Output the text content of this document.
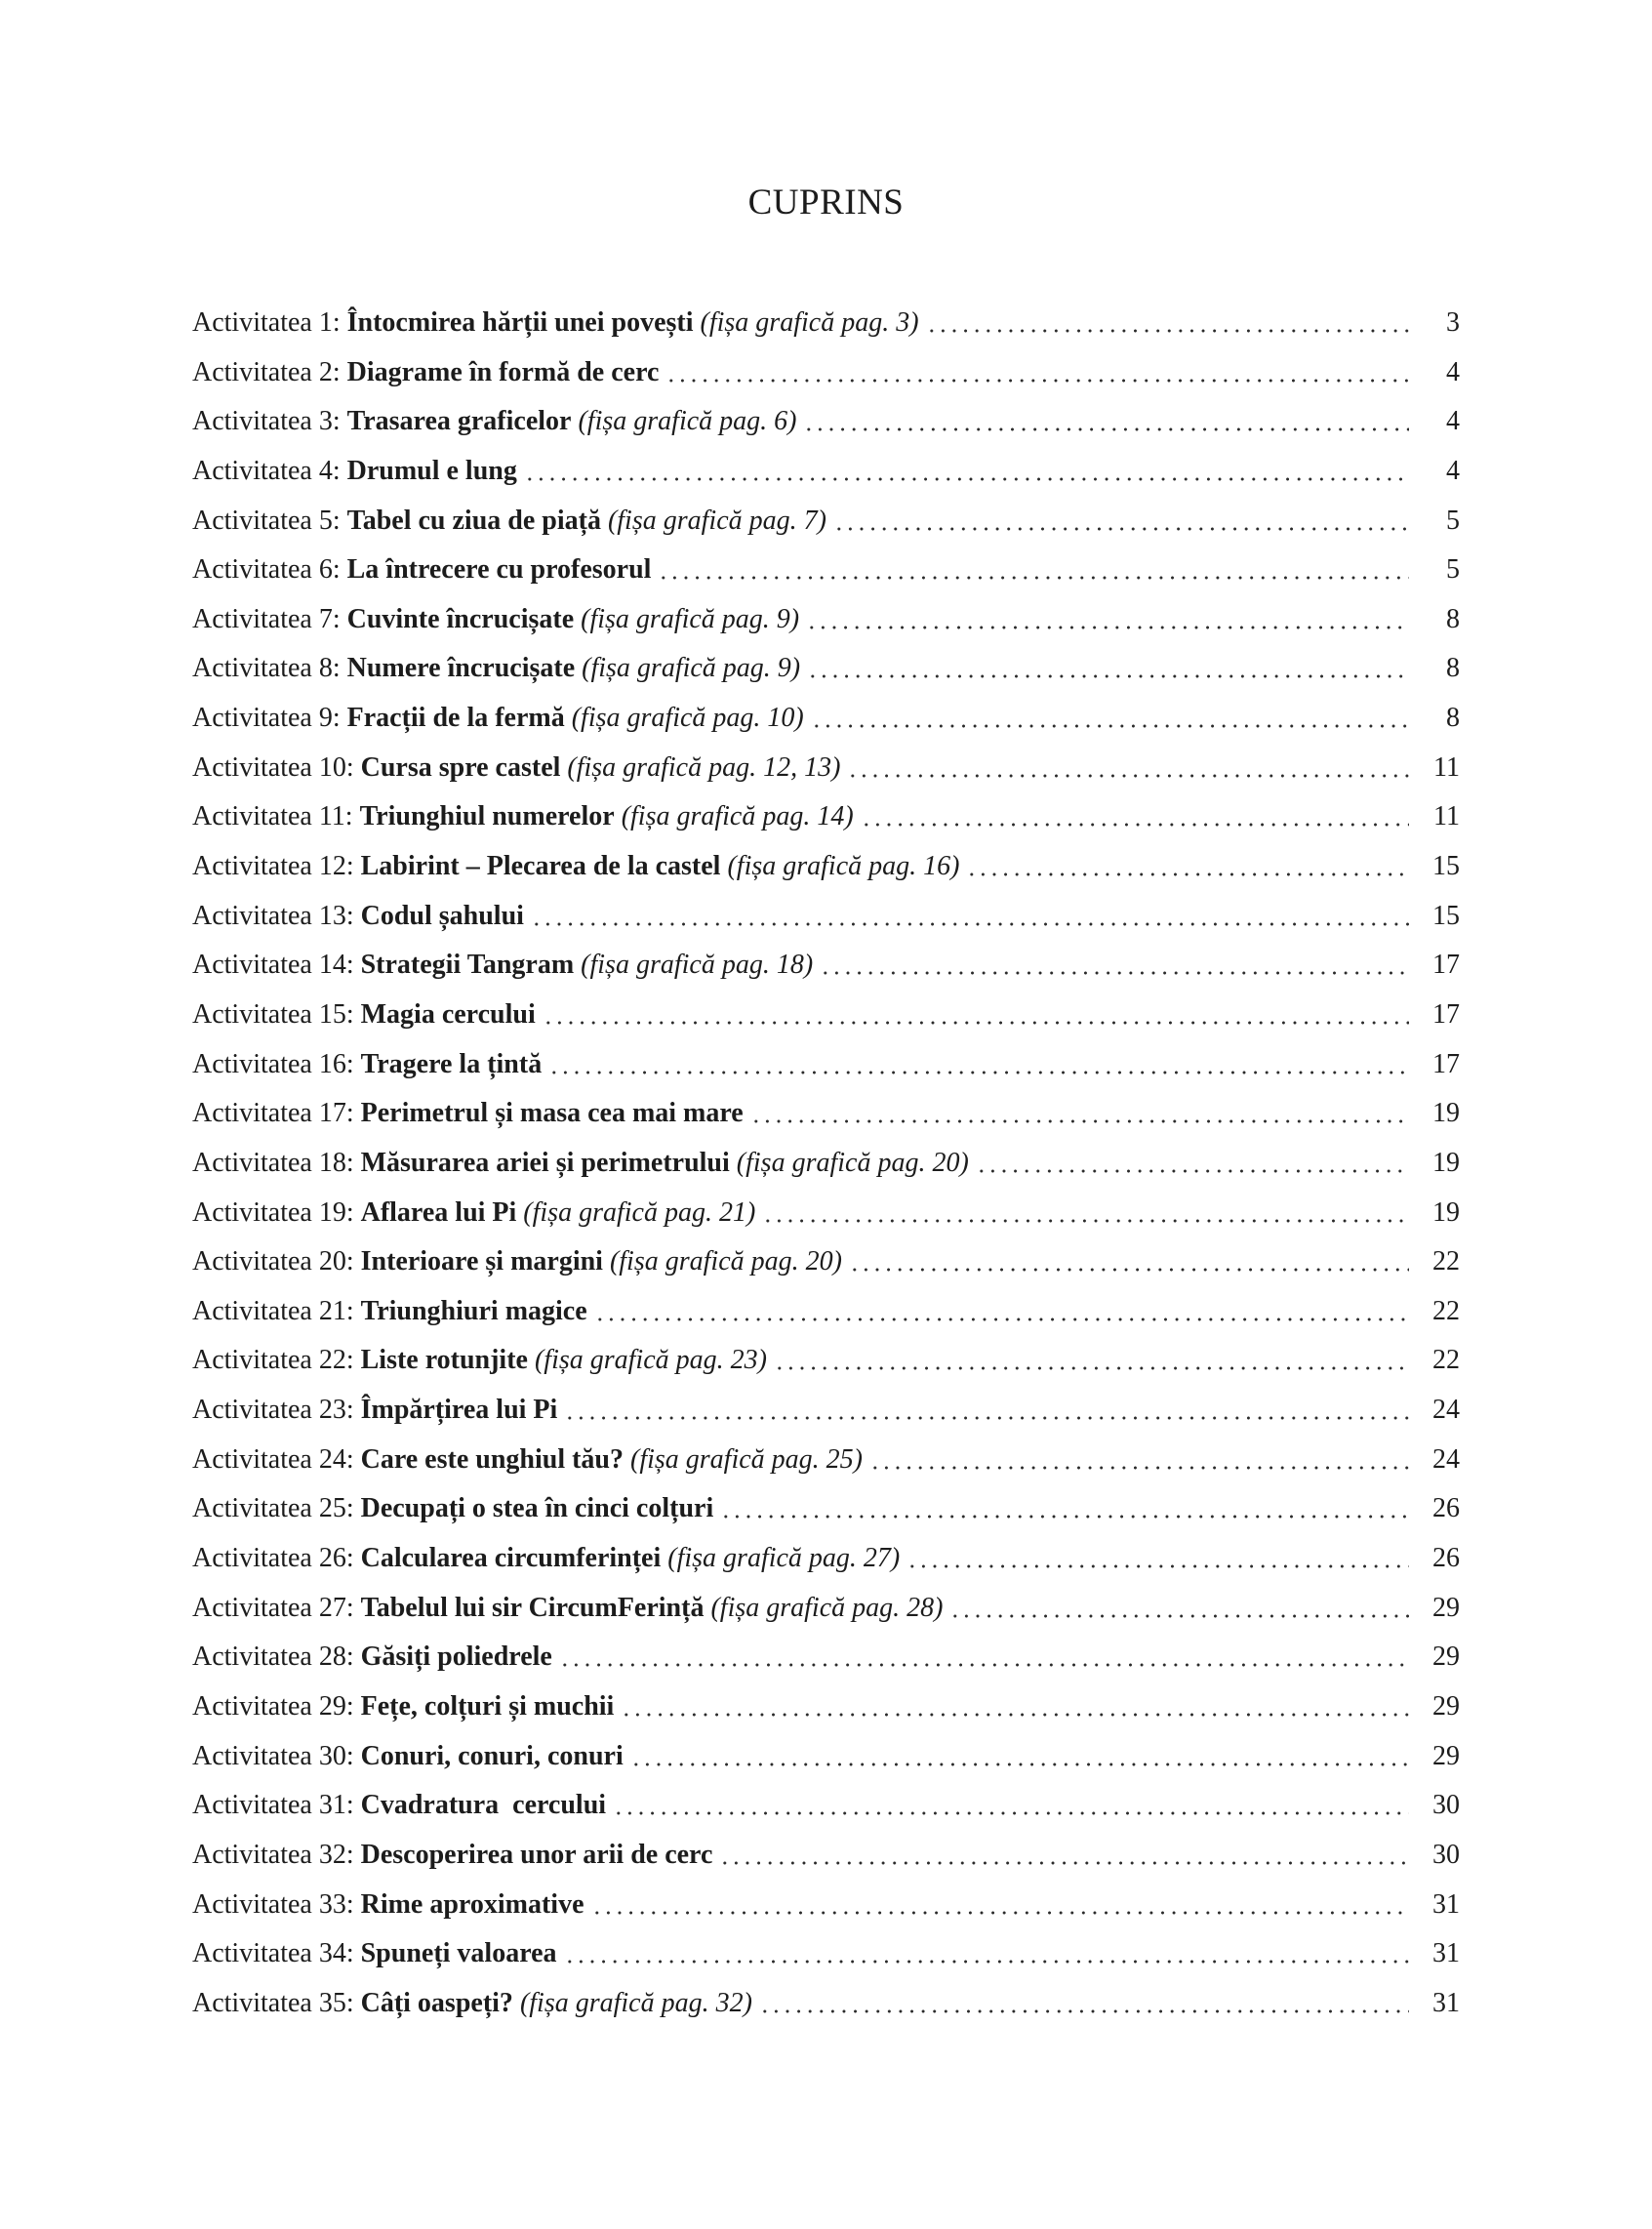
CUPRINS
Activitatea 1: Întocmirea hărții unei povești (fișa grafică pag. 3)	3
Activitatea 2: Diagrame în formă de cerc	4
Activitatea 3: Trasarea graficelor (fișa grafică pag. 6)	4
Activitatea 4: Drumul e lung	4
Activitatea 5: Tabel cu ziua de piață (fișa grafică pag. 7)	5
Activitatea 6: La întrecere cu profesorul	5
Activitatea 7: Cuvinte încrucișate (fișa grafică pag. 9)	8
Activitatea 8: Numere încrucișate (fișa grafică pag. 9)	8
Activitatea 9: Fracții de la fermă (fișa grafică pag. 10)	8
Activitatea 10: Cursa spre castel (fișa grafică pag. 12, 13)	11
Activitatea 11: Triunghiul numerelor (fișa grafică pag. 14)	11
Activitatea 12: Labirint – Plecarea de la castel (fișa grafică pag. 16)	15
Activitatea 13: Codul șahului	15
Activitatea 14: Strategii Tangram (fișa grafică pag. 18)	17
Activitatea 15: Magia cercului	17
Activitatea 16: Tragere la țintă	17
Activitatea 17: Perimetrul și masa cea mai mare	19
Activitatea 18: Măsurarea ariei și perimetrului (fișa grafică pag. 20)	19
Activitatea 19: Aflarea lui Pi (fișa grafică pag. 21)	19
Activitatea 20: Interioare și margini (fișa grafică pag. 20)	22
Activitatea 21: Triunghiuri magice	22
Activitatea 22: Liste rotunjite (fișa grafică pag. 23)	22
Activitatea 23: Împărțirea lui Pi	24
Activitatea 24: Care este unghiul tău? (fișa grafică pag. 25)	24
Activitatea 25: Decupați o stea în cinci colțuri	26
Activitatea 26: Calcularea circumferinței (fișa grafică pag. 27)	26
Activitatea 27: Tabelul lui sir CircumFerință (fișa grafică pag. 28)	29
Activitatea 28: Găsiți poliedrele	29
Activitatea 29: Fețe, colțuri și muchii	29
Activitatea 30: Conuri, conuri, conuri	29
Activitatea 31: Cvadratura  cercului	30
Activitatea 32: Descoperirea unor arii de cerc	30
Activitatea 33: Rime aproximative	31
Activitatea 34: Spuneți valoarea	31
Activitatea 35: Câți oaspeți? (fișa grafică pag. 32)	31
